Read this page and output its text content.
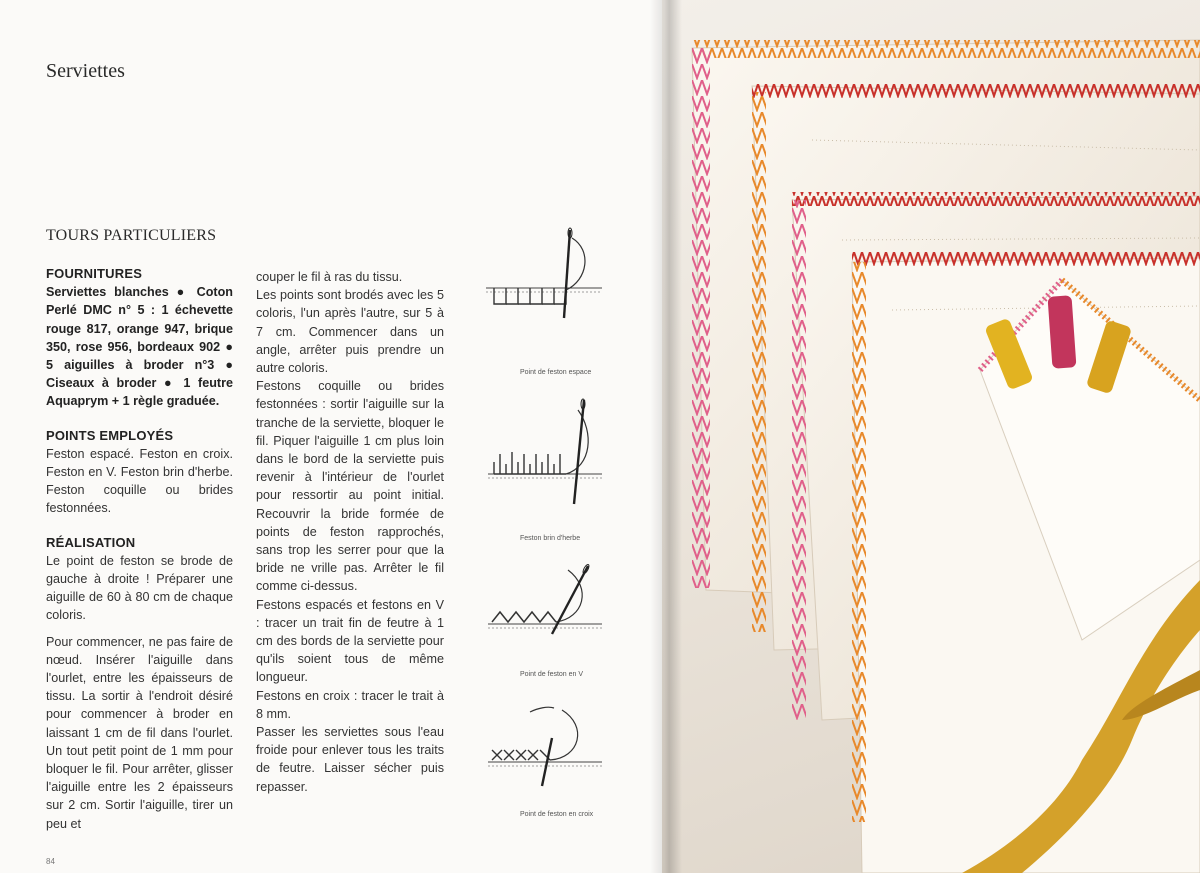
Serviettes
TOURS PARTICULIERS

FOURNITURES

Serviettes blanches ● Coton Perlé DMC n° 5 : 1 échevette rouge 817, orange 947, brique 350, rose 956, bordeaux 902 ● 5 aiguilles à broder n°3 ● Ciseaux à broder ● 1 feutre Aquaprym + 1 règle graduée.

POINTS EMPLOYÉS

Feston espacé. Feston en croix. Feston en V. Feston brin d'herbe. Feston coquille ou brides festonnées.

RÉALISATION

Le point de feston se brode de gauche à droite ! Préparer une aiguille de 60 à 80 cm de chaque coloris.

Pour commencer, ne pas faire de nœud. Insérer l'aiguille dans l'ourlet, entre les épaisseurs de tissu. La sortir à l'endroit désiré pour commencer à broder en laissant 1 cm de fil dans l'ourlet. Un tout petit point de 1 mm pour bloquer le fil. Pour arrêter, glisser l'aiguille entre les 2 épaisseurs sur 2 cm. Sortir l'aiguille, tirer un peu et

couper le fil à ras du tissu.

Les points sont brodés avec les 5 coloris, l'un après l'autre, sur 5 à 7 cm. Commencer dans un angle, arrêter puis prendre un autre coloris.

Festons coquille ou brides festonnées : sortir l'aiguille sur la tranche de la serviette, bloquer le fil. Piquer l'aiguille 1 cm plus loin dans le bord de la serviette puis revenir à l'intérieur de l'ourlet pour ressortir au point initial. Recouvrir la bride formée de points de feston rapprochés, sans trop les serrer pour que la bride ne vrille pas. Arrêter le fil comme ci-dessus.

Festons espacés et festons en V : tracer un trait fin de feutre à 1 cm des bords de la serviette pour qu'ils soient tous de même longueur.

Festons en croix : tracer le trait à 8 mm.

Passer les serviettes sous l'eau froide pour enlever tous les traits de feutre. Laisser sécher puis repasser.

Point de feston espace
Feston brin d'herbe
Point de feston en V
Point de feston en croix
84
